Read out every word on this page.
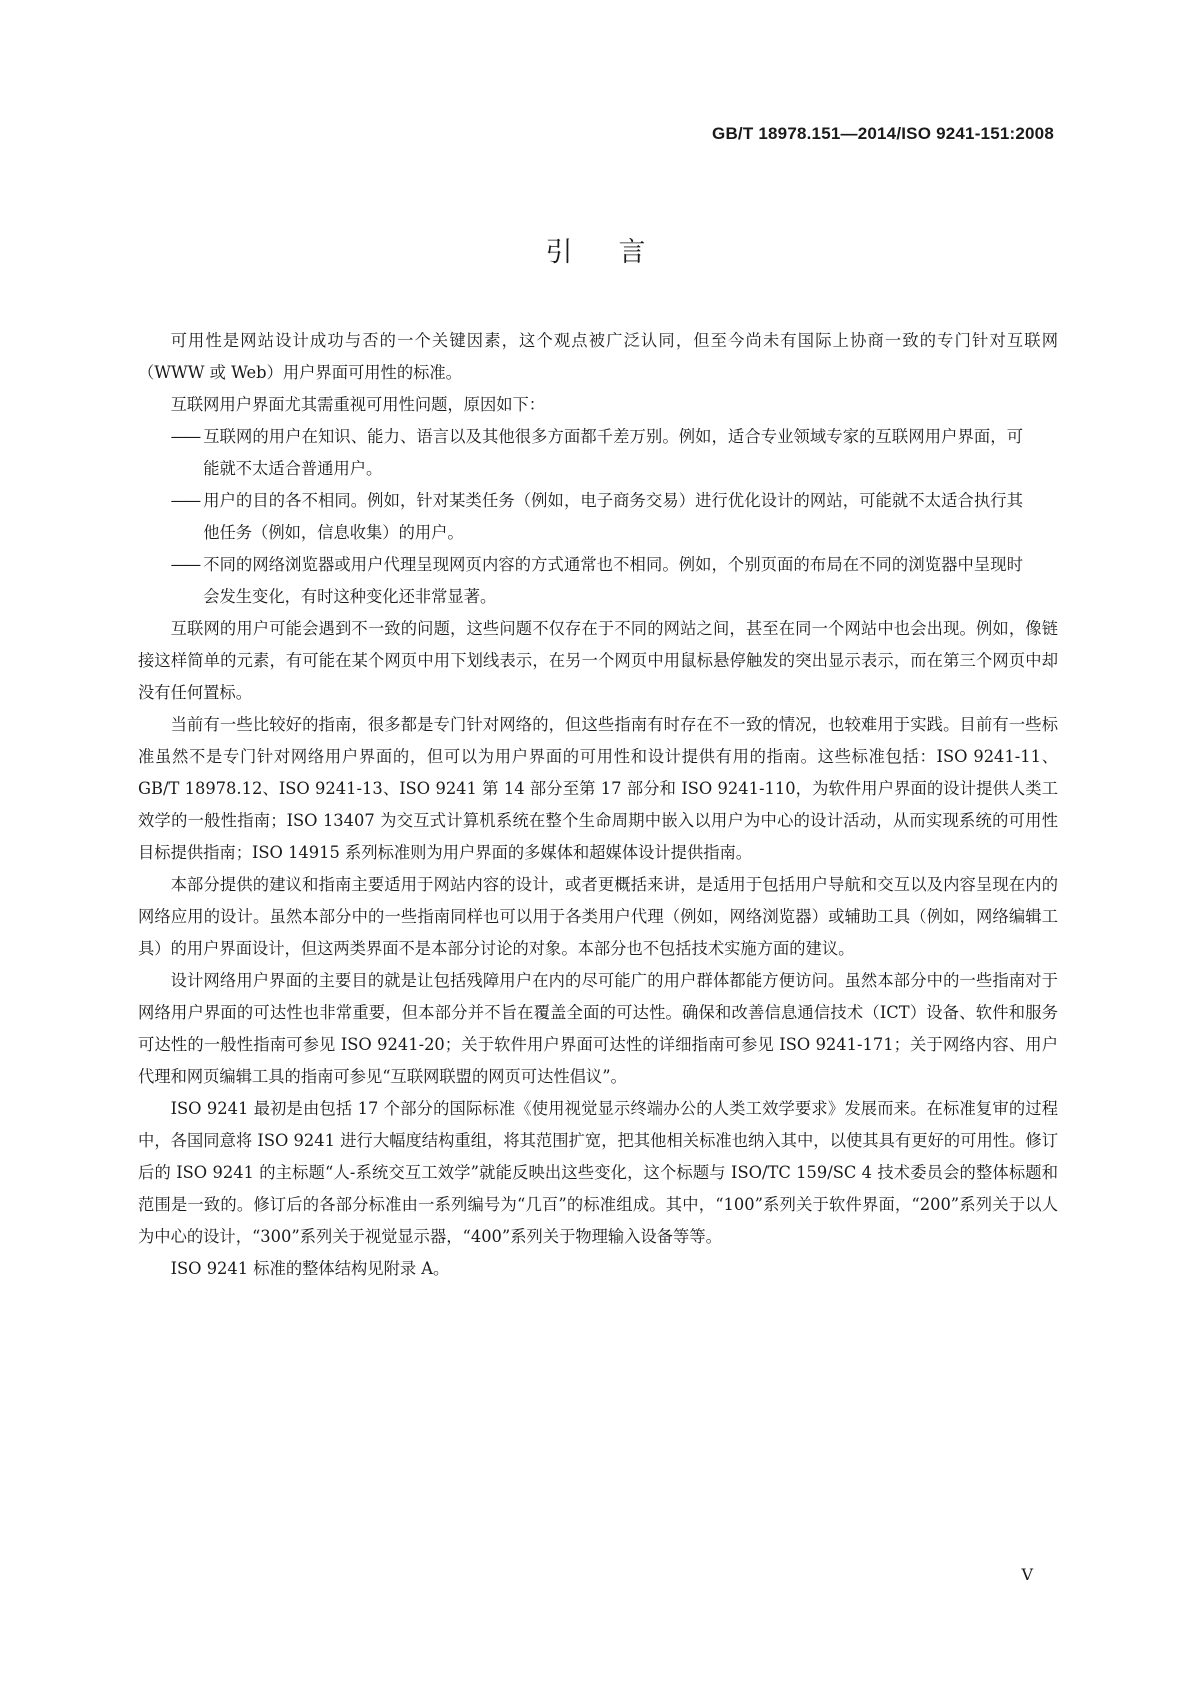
GB/T 18978.151—2014/ISO 9241-151:2008
引言

可用性是网站设计成功与否的一个关键因素，这个观点被广泛认同，但至今尚未有国际上协商一致的专门针对互联网（WWW 或 Web）用户界面可用性的标准。

互联网用户界面尤其需重视可用性问题，原因如下：

—— 互联网的用户在知识、能力、语言以及其他很多方面都千差万别。例如，适合专业领域专家的互联网用户界面，可能就不太适合普通用户。
—— 用户的目的各不相同。例如，针对某类任务（例如，电子商务交易）进行优化设计的网站，可能就不太适合执行其他任务（例如，信息收集）的用户。
—— 不同的网络浏览器或用户代理呈现网页内容的方式通常也不相同。例如，个别页面的布局在不同的浏览器中呈现时会发生变化，有时这种变化还非常显著。

互联网的用户可能会遇到不一致的问题，这些问题不仅存在于不同的网站之间，甚至在同一个网站中也会出现。例如，像链接这样简单的元素，有可能在某个网页中用下划线表示，在另一个网页中用鼠标悬停触发的突出显示表示，而在第三个网页中却没有任何置标。

当前有一些比较好的指南，很多都是专门针对网络的，但这些指南有时存在不一致的情况，也较难用于实践。目前有一些标准虽然不是专门针对网络用户界面的，但可以为用户界面的可用性和设计提供有用的指南。这些标准包括：ISO 9241-11、GB/T 18978.12、ISO 9241-13、ISO 9241 第 14 部分至第 17 部分和 ISO 9241-110，为软件用户界面的设计提供人类工效学的一般性指南；ISO 13407 为交互式计算机系统在整个生命周期中嵌入以用户为中心的设计活动，从而实现系统的可用性目标提供指南；ISO 14915 系列标准则为用户界面的多媒体和超媒体设计提供指南。

本部分提供的建议和指南主要适用于网站内容的设计，或者更概括来讲，是适用于包括用户导航和交互以及内容呈现在内的网络应用的设计。虽然本部分中的一些指南同样也可以用于各类用户代理（例如，网络浏览器）或辅助工具（例如，网络编辑工具）的用户界面设计，但这两类界面不是本部分讨论的对象。本部分也不包括技术实施方面的建议。

设计网络用户界面的主要目的就是让包括残障用户在内的尽可能广的用户群体都能方便访问。虽然本部分中的一些指南对于网络用户界面的可达性也非常重要，但本部分并不旨在覆盖全面的可达性。确保和改善信息通信技术（ICT）设备、软件和服务可达性的一般性指南可参见 ISO 9241-20；关于软件用户界面可达性的详细指南可参见 ISO 9241-171；关于网络内容、用户代理和网页编辑工具的指南可参见“互联网联盟的网页可达性倡议”。

ISO 9241 最初是由包括 17 个部分的国际标准《使用视觉显示终端办公的人类工效学要求》发展而来。在标准复审的过程中，各国同意将 ISO 9241 进行大幅度结构重组，将其范围扩宽，把其他相关标准也纳入其中，以使其具有更好的可用性。修订后的 ISO 9241 的主标题“人-系统交互工效学”就能反映出这些变化，这个标题与 ISO/TC 159/SC 4 技术委员会的整体标题和范围是一致的。修订后的各部分标准由一系列编号为“几百”的标准组成。其中，“100”系列关于软件界面，“200”系列关于以人为中心的设计，“300”系列关于视觉显示器，“400”系列关于物理输入设备等等。

ISO 9241 标准的整体结构见附录 A。

V
